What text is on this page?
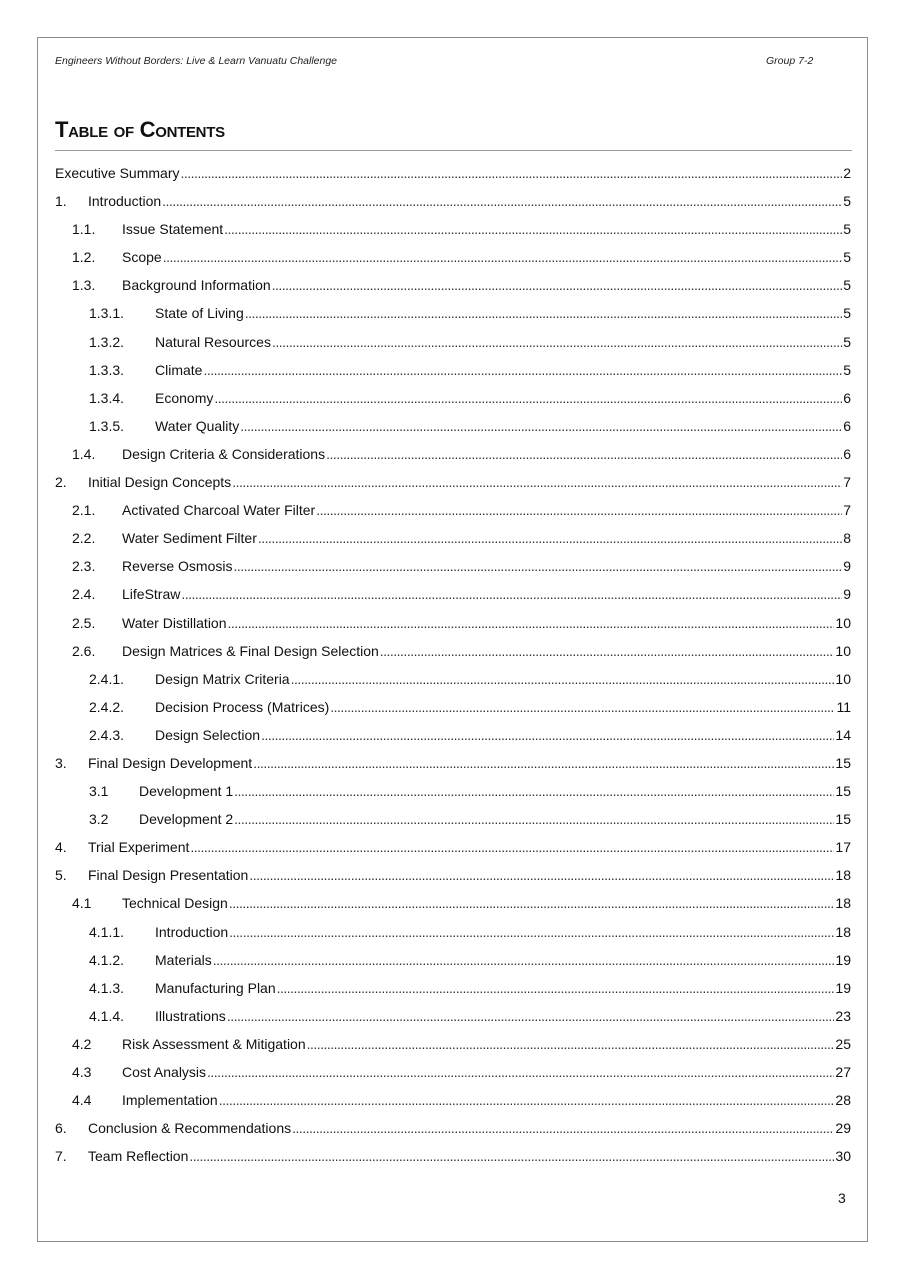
Engineers Without Borders: Live & Learn Vanuatu Challenge	Group 7-2
Table of Contents
Executive Summary . . .	2
1.	Introduction . . .	5
1.1.	Issue Statement . . .	5
1.2.	Scope . . .	5
1.3.	Background Information . . .	5
1.3.1.	State of Living . . .	5
1.3.2.	Natural Resources . . .	5
1.3.3.	Climate . . .	5
1.3.4.	Economy . . .	6
1.3.5.	Water Quality . . .	6
1.4.	Design Criteria & Considerations . . .	6
2.	Initial Design Concepts . . .	7
2.1.	Activated Charcoal Water Filter . . .	7
2.2.	Water Sediment Filter . . .	8
2.3.	Reverse Osmosis . . .	9
2.4.	LifeStraw . . .	9
2.5.	Water Distillation . . .	10
2.6.	Design Matrices & Final Design Selection . . .	10
2.4.1.	Design Matrix Criteria . . .	10
2.4.2.	Decision Process (Matrices) . . .	11
2.4.3.	Design Selection . . .	14
3.	Final Design Development . . .	15
3.1	Development 1 . . .	15
3.2	Development 2 . . .	15
4.	Trial Experiment . . .	17
5.	Final Design Presentation . . .	18
4.1	Technical Design . . .	18
4.1.1.	Introduction . . .	18
4.1.2.	Materials . . .	19
4.1.3.	Manufacturing Plan . . .	19
4.1.4.	Illustrations . . .	23
4.2	Risk Assessment & Mitigation . . .	25
4.3	Cost Analysis . . .	27
4.4	Implementation . . .	28
6.	Conclusion & Recommendations . . .	29
7.	Team Reflection . . .	30
3
